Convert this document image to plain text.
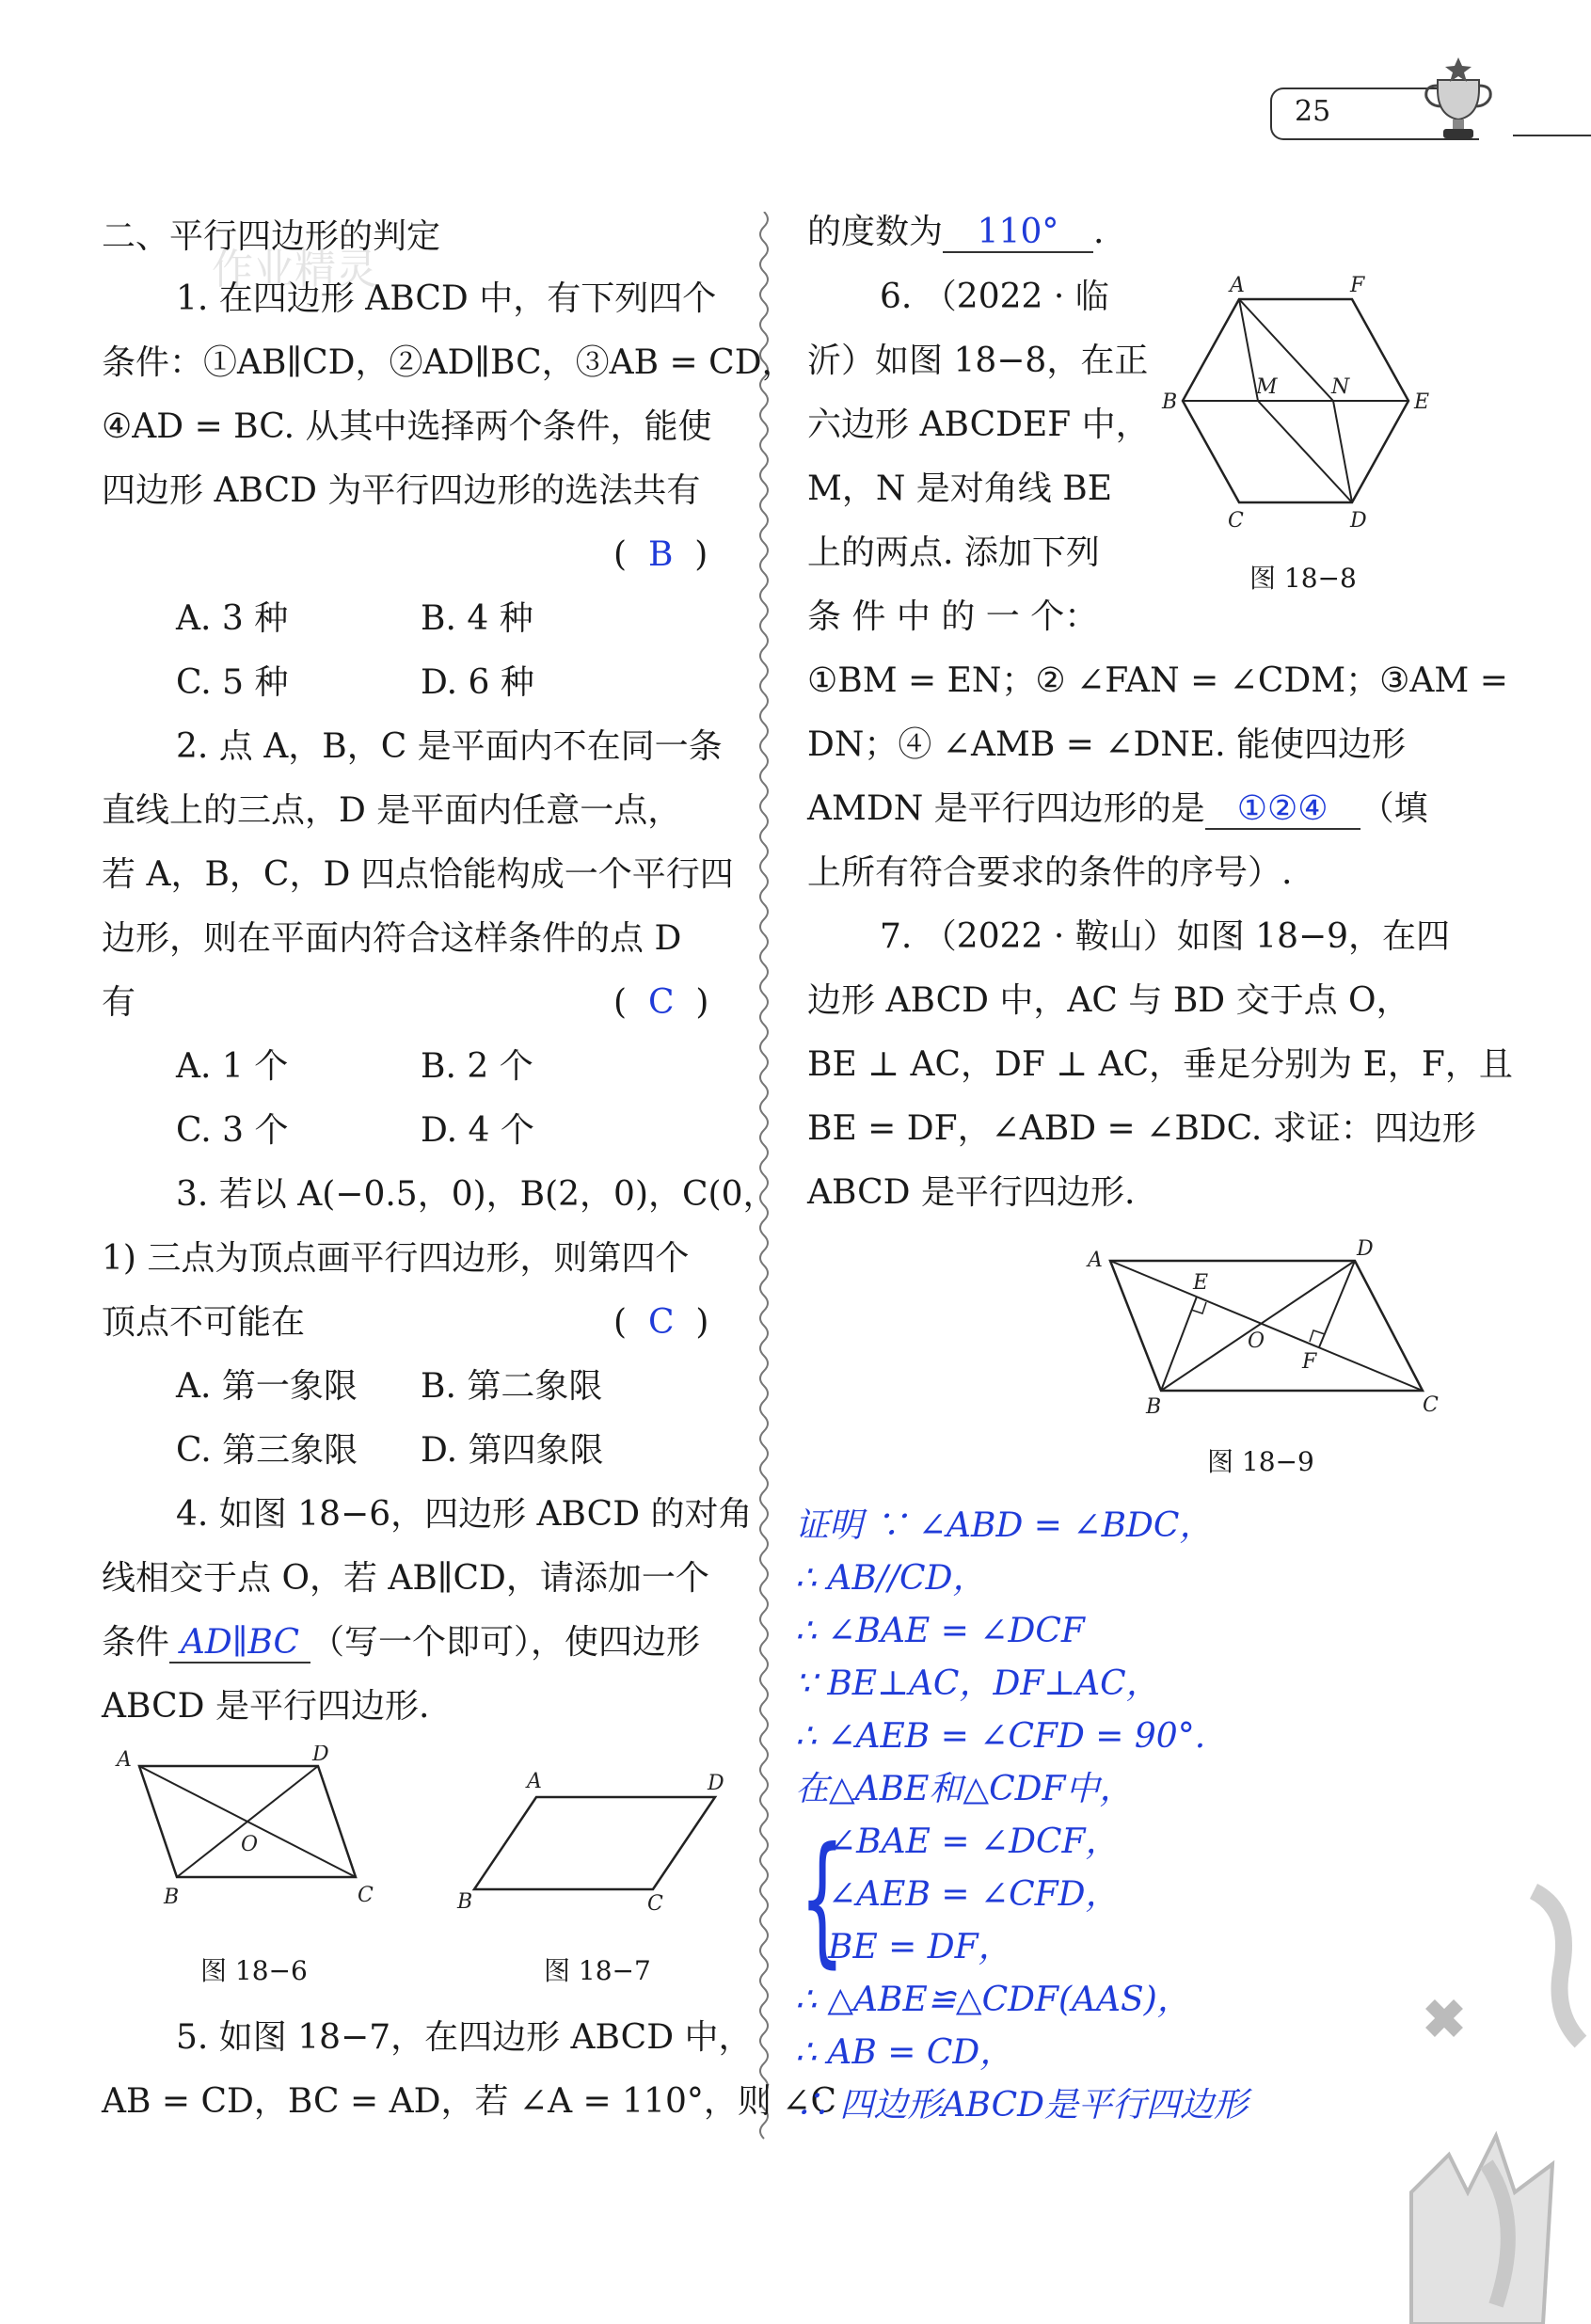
25
二、平行四边形的判定
作业精灵
1. 在四边形 ABCD 中，有下列四个
条件：①AB∥CD，②AD∥BC，③AB = CD，
④AD = BC. 从其中选择两个条件，能使
四边形 ABCD 为平行四边形的选法共有
(  B  )
A. 3 种	B. 4 种
C. 5 种	D. 6 种
2. 点 A，B，C 是平面内不在同一条
直线上的三点，D 是平面内任意一点，
若 A，B，C，D 四点恰能构成一个平行四
边形，则在平面内符合这样条件的点 D
有	(  C  )
A. 1 个	B. 2 个
C. 3 个	D. 4 个
3. 若以 A(−0.5，0)，B(2，0)，C(0，
1) 三点为顶点画平行四边形，则第四个
顶点不可能在	(  C  )
A. 第一象限 B. 第二象限
C. 第三象限 D. 第四象限
4. 如图 18−6，四边形 ABCD 的对角
线相交于点 O，若 AB∥CD，请添加一个
条件 AD∥BC （写一个即可），使四边形
ABCD 是平行四边形.
A	D
O
B	C
图 18−6
A	D
B	C
图 18−7
5. 如图 18−7，在四边形 ABCD 中，
AB = CD，BC = AD，若 ∠A = 110°，则 ∠C
的度数为 110° .
6. （2022 · 临
沂）如图 18−8，在正
六边形 ABCDEF 中，
M，N 是对角线 BE
上的两点. 添加下列
条 件 中 的 一 个：
A	F
B
M	N
E
C	D
图 18−8
①BM = EN；② ∠FAN = ∠CDM；③AM =
DN；④ ∠AMB = ∠DNE. 能使四边形
AMDN 是平行四边形的是 ①②④ （填
上所有符合要求的条件的序号）.
7. （2022 · 鞍山）如图 18−9，在四
边形 ABCD 中，AC 与 BD 交于点 O，
BE ⊥ AC，DF ⊥ AC，垂足分别为 E，F，且
BE = DF，∠ABD = ∠BDC. 求证：四边形
ABCD 是平行四边形.
A	D
E
O
F
B	C
图 18−9
证明 ∵ ∠ABD = ∠BDC，
∴ AB//CD，
∴ ∠BAE = ∠DCF
∵ BE⊥AC，DF⊥AC，
∴ ∠AEB = ∠CFD = 90°.
在△ABE和△CDF中，
{
∠BAE = ∠DCF，
∠AEB = ∠CFD，
BE = DF，
∴ △ABE≌△CDF(AAS)，
∴ AB = CD，
∴ 四边形ABCD是平行四边形
